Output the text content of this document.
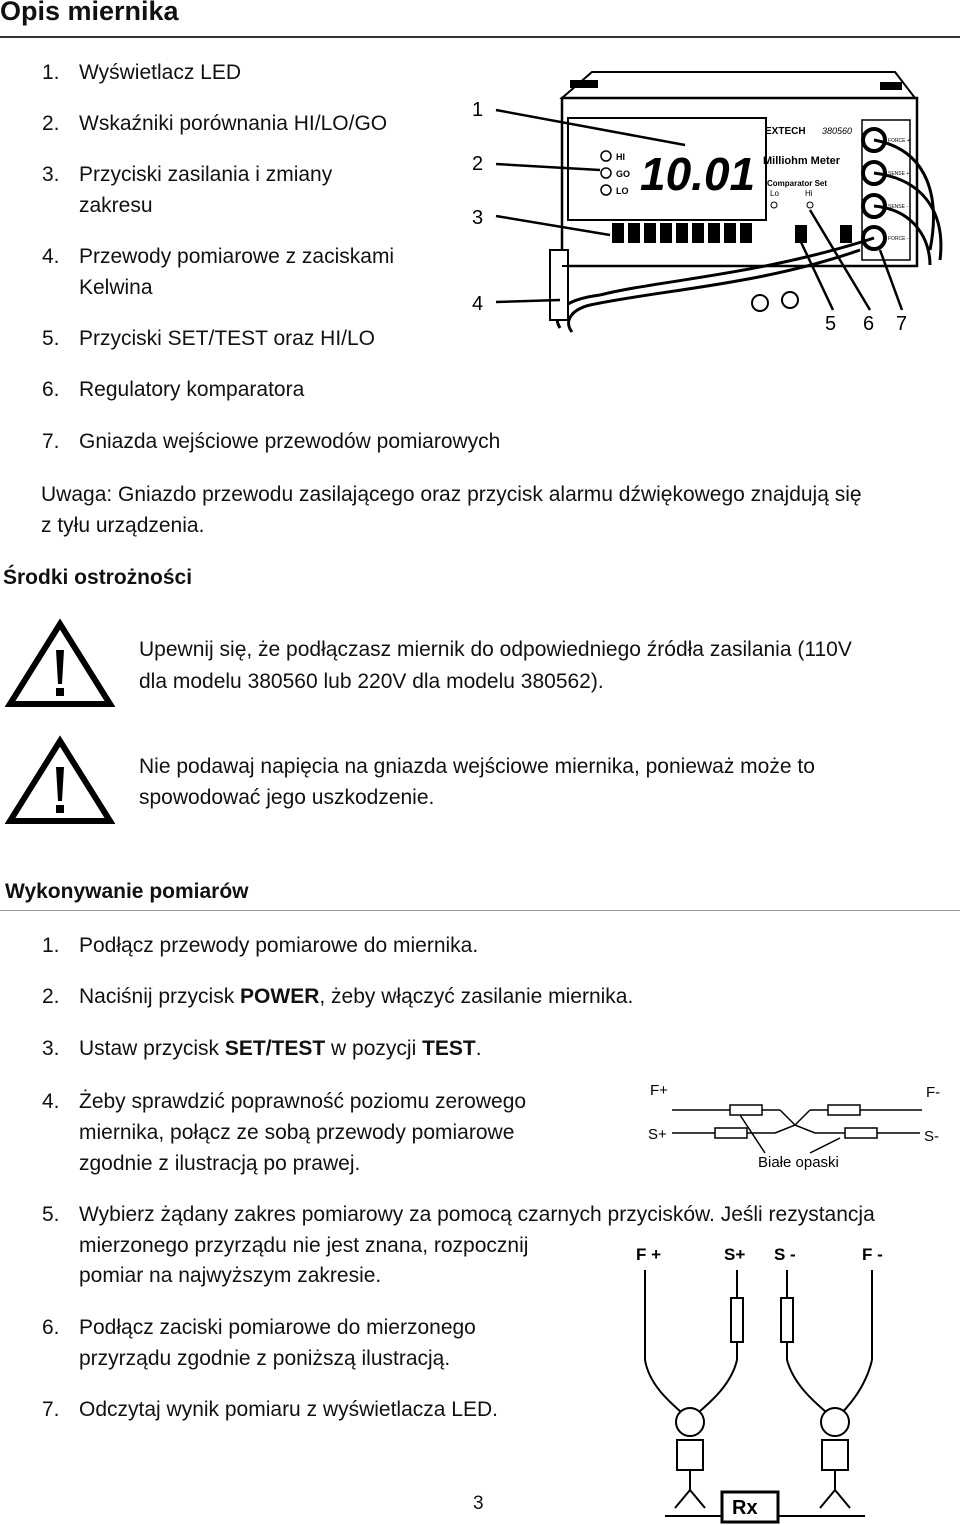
Opis miernika
1. Wyświetlacz LED
2. Wskaźniki porównania HI/LO/GO
3. Przyciski zasilania i zmiany
zakresu
4. Przewody pomiarowe z zaciskami
Kelwina
5. Przyciski SET/TEST oraz HI/LO
6. Regulatory komparatora
7. Gniazda wejściowe przewodów pomiarowych
10.01
HI
GO
LO
EXTECH 380560
Milliohm Meter
Comparator Set
Lo	Hi
FORCE +
SENSE +
SENSE -
FORCE -
1
2
3
4
5 6 7
Uwaga: Gniazdo przewodu zasilającego oraz przycisk alarmu dźwiękowego znajdują się
z tyłu urządzenia.
Środki ostrożności
Upewnij się, że podłączasz miernik do odpowiedniego źródła zasilania (110V
dla modelu 380560 lub 220V dla modelu 380562).
Nie podawaj napięcia na gniazda wejściowe miernika, ponieważ może to
spowodować jego uszkodzenie.
Wykonywanie pomiarów
1. Podłącz przewody pomiarowe do miernika.
2. Naciśnij przycisk POWER, żeby włączyć zasilanie miernika.
3. Ustaw przycisk SET/TEST w pozycji TEST.
4. Żeby sprawdzić poprawność poziomu zerowego
miernika, połącz ze sobą przewody pomiarowe
zgodnie z ilustracją po prawej.
F+	F-
S+	S-
Białe opaski
5. Wybierz żądany zakres pomiarowy za pomocą czarnych przycisków. Jeśli rezystancja
mierzonego przyrządu nie jest znana, rozpocznij
pomiar na najwyższym zakresie.
6. Podłącz zaciski pomiarowe do mierzonego
przyrządu zgodnie z poniższą ilustracją.
7. Odczytaj wynik pomiaru z wyświetlacza LED.
F +	S+ S -	F -
Rx
3
